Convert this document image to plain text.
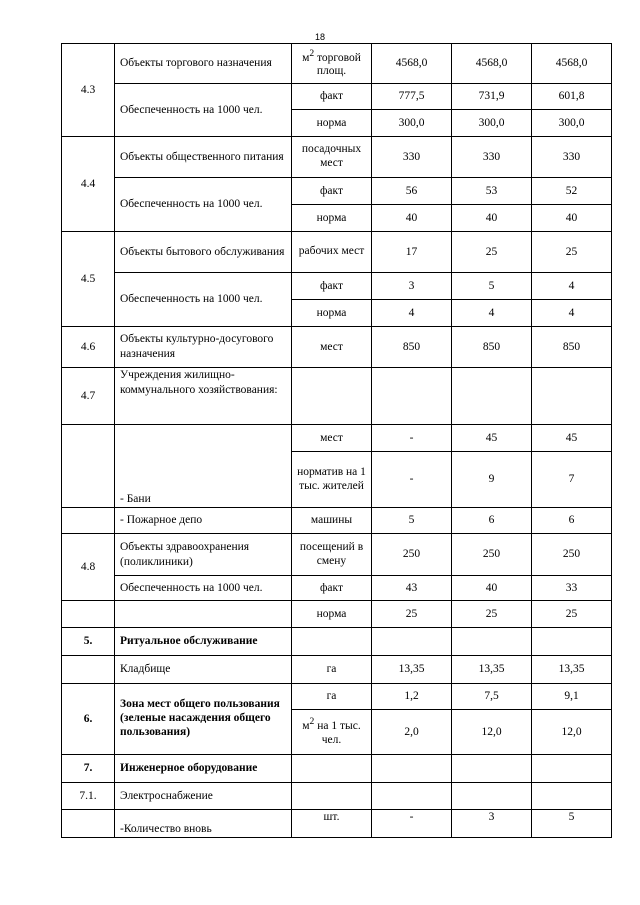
18
4.3	Объекты торгового назначения	$м^2$ торговой площ.	4568,0	4568,0	4568,0
	Обеспеченность на 1000 чел.	факт	777,5	731,9	601,8
		норма	300,0	300,0	300,0
4.4	Объекты общественного питания	посадочных мест	330	330	330
	Обеспеченность на 1000 чел.	факт	56	53	52
		норма	40	40	40
4.5	Объекты бытового обслуживания	рабочих мест	17	25	25
	Обеспеченность на 1000 чел.	факт	3	5	4
		норма	4	4	4
4.6	Объекты культурно-досугового назначения	мест	850	850	850
4.7	Учреждения жилищно-коммунального хозяйствования:				
	- Бани	мест	-	45	45
		норматив на 1 тыс. жителей	-	9	7
	- Пожарное депо	машины	5	6	6
4.8	Объекты здравоохранения (поликлиники)	посещений в смену	250	250	250
	Обеспеченность на 1000 чел.	факт	43	40	33
		норма	25	25	25
5.	Ритуальное обслуживание				
	Кладбище	га	13,35	13,35	13,35
6.	Зона мест общего пользования (зеленые насаждения общего пользования)	га	1,2	7,5	9,1
		$м^2$ на 1 тыс. чел.	2,0	12,0	12,0
7.	Инженерное оборудование				
7.1.	Электроснабжение				
	-Количество вновь	шт.	-	3	5
